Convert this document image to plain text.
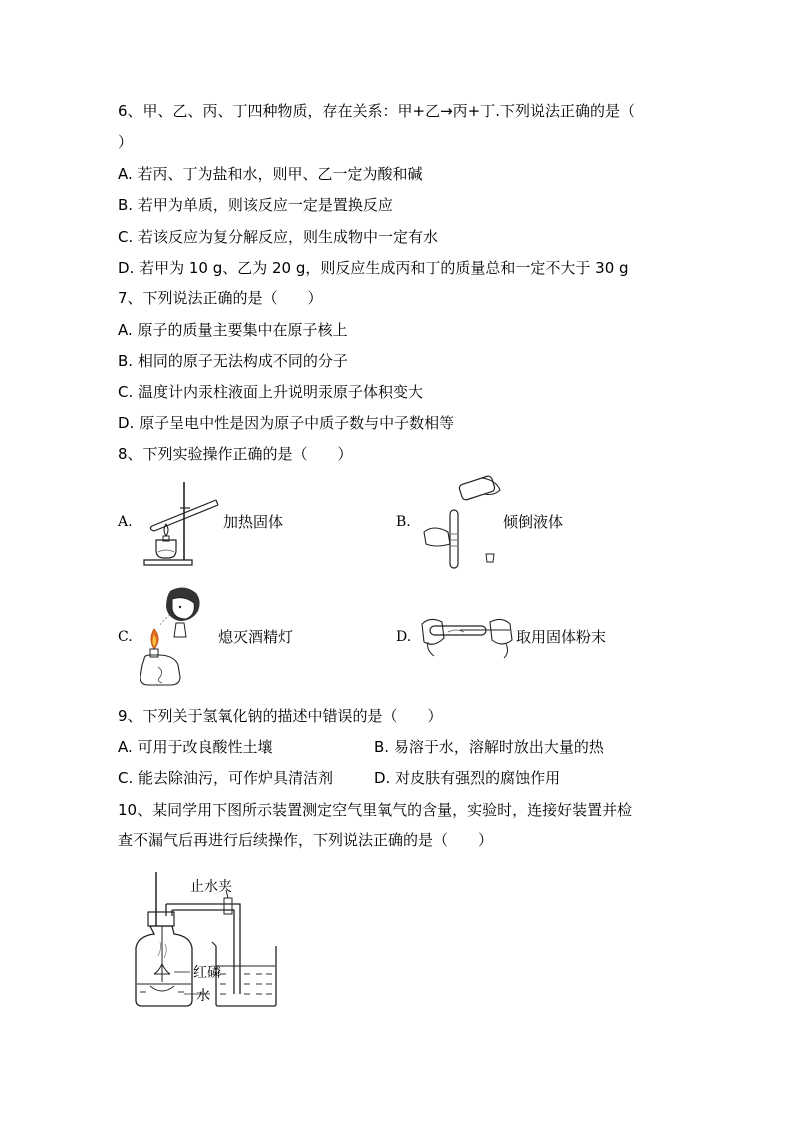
6、甲、乙、丙、丁四种物质，存在关系：甲+乙→丙+丁.下列说法正确的是（
）
A. 若丙、丁为盐和水，则甲、乙一定为酸和碱
B. 若甲为单质，则该反应一定是置换反应
C. 若该反应为复分解反应，则生成物中一定有水
D. 若甲为 10 g、乙为 20 g，则反应生成丙和丁的质量总和一定不大于 30 g
7、下列说法正确的是（　　）
A. 原子的质量主要集中在原子核上
B. 相同的原子无法构成不同的分子
C. 温度计内汞柱液面上升说明汞原子体积变大
D. 原子呈电中性是因为原子中质子数与中子数相等
8、下列实验操作正确的是（　　）
A.	加热固体	B.	倾倒液体
C.	熄灭酒精灯	D.	取用固体粉末
9、下列关于氢氧化钠的描述中错误的是（　　）
A. 可用于改良酸性土壤	B. 易溶于水，溶解时放出大量的热
C. 能去除油污，可作炉具清洁剂	D. 对皮肤有强烈的腐蚀作用
10、某同学用下图所示装置测定空气里氧气的含量，实验时，连接好装置并检
查不漏气后再进行后续操作，下列说法正确的是（　　）
止水夹
红磷
水
